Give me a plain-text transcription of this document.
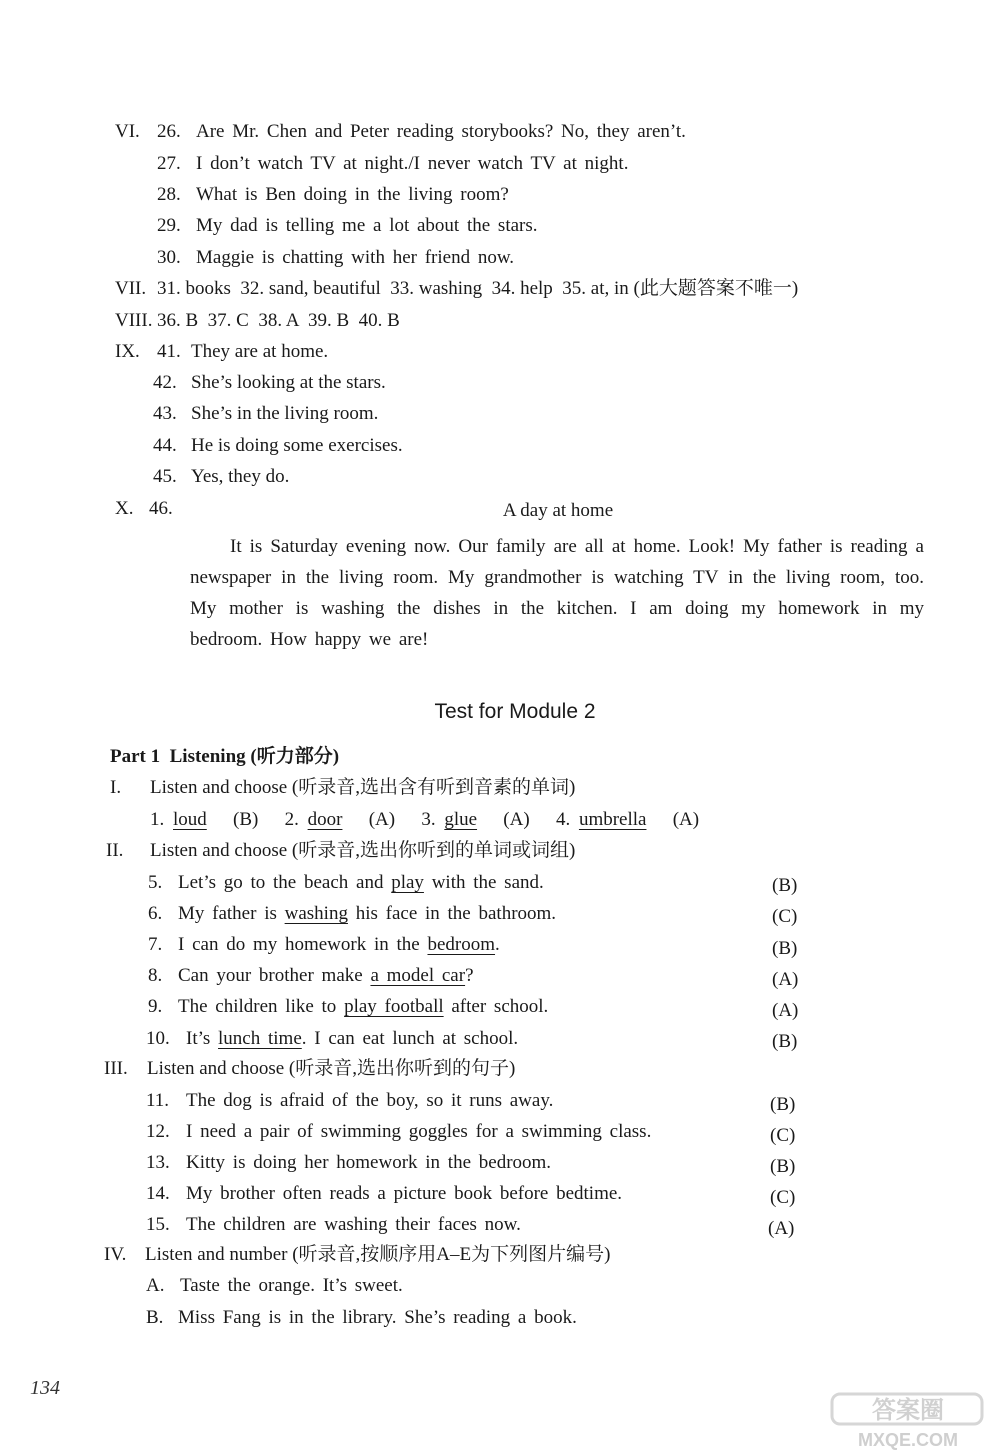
VI. 26. Are Mr. Chen and Peter reading storybooks? No, they aren’t.
27. I don’t watch TV at night./I never watch TV at night.
28. What is Ben doing in the living room?
29. My dad is telling me a lot about the stars.
30. Maggie is chatting with her friend now.
VII. 31. books  32. sand, beautiful  33. washing  34. help  35. at, in (此大题答案不唯一)
VIII. 36. B  37. C  38. A  39. B  40. B
IX. 41. They are at home.
42. She’s looking at the stars.
43. She’s in the living room.
44. He is doing some exercises.
45. Yes, they do.
X. 46.	A day at home

It is Saturday evening now. Our family are all at home. Look! My father is reading a newspaper in the living room. My grandmother is watching TV in the living room, too. My mother is washing the dishes in the kitchen. I am doing my homework in my bedroom. How happy we are!

Test for Module 2
Part 1 Listening (听力部分)
I. Listen and choose (听录音,选出含有听到音素的单词)
1. loud (B) 2. door (A) 3. glue (A) 4. umbrella (A)
II. Listen and choose (听录音,选出你听到的单词或词组)
5. Let’s go to the beach and play with the sand.	(B)
6. My father is washing his face in the bathroom.	(C)
7. I can do my homework in the bedroom.	(B)
8. Can your brother make a model car?	(A)
9. The children like to play football after school.	(A)
10. It’s lunch time. I can eat lunch at school.	(B)
III. Listen and choose (听录音,选出你听到的句子)
11. The dog is afraid of the boy, so it runs away.	(B)
12. I need a pair of swimming goggles for a swimming class.	(C)
13. Kitty is doing her homework in the bedroom.	(B)
14. My brother often reads a picture book before bedtime.	(C)
15. The children are washing their faces now.	(A)
IV. Listen and number (听录音,按顺序用A–E为下列图片编号)
A. Taste the orange. It’s sweet.
B. Miss Fang is in the library. She’s reading a book.
134
答案圈
MXQE.COM
